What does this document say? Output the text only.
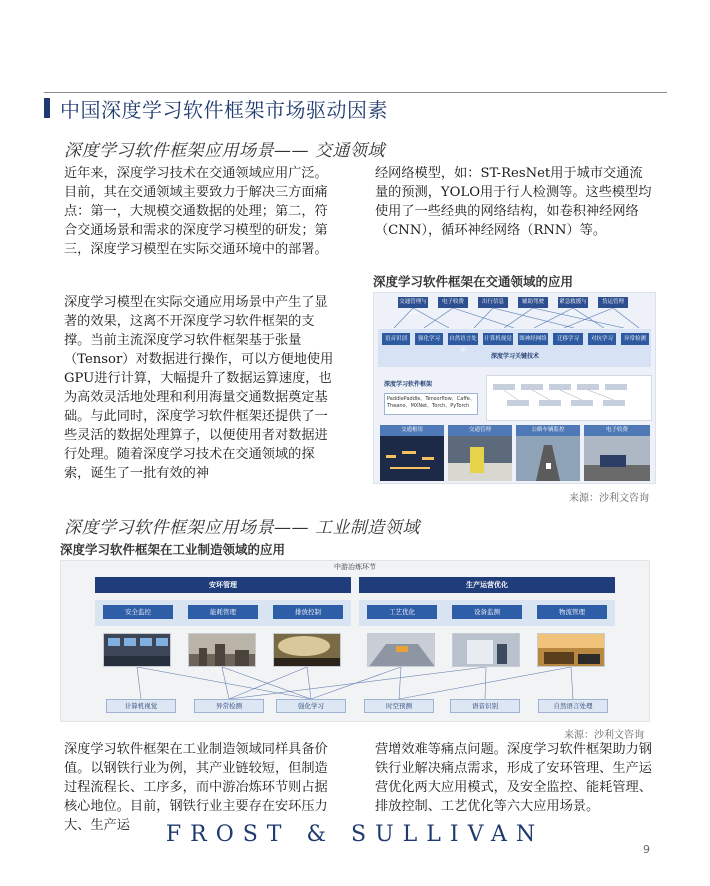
中国深度学习软件框架市场驱动因素
深度学习软件框架应用场景—— 交通领域
近年来，深度学习技术在交通领域应用广泛。目前，其在交通领域主要致力于解决三方面痛点：第一，大规模交通数据的处理；第二，符合交通场景和需求的深度学习模型的研发；第三，深度学习模型在实际交通环境中的部署。
深度学习模型在实际交通应用场景中产生了显著的效果，这离不开深度学习软件框架的支撑。当前主流深度学习软件框架基于张量（Tensor）对数据进行操作，可以方便地使用GPU进行计算，大幅提升了数据运算速度，也为高效灵活地处理和利用海量交通数据奠定基础。与此同时，深度学习软件框架还提供了一些灵活的数据处理算子，以便使用者对数据进行处理。随着深度学习技术在交通领域的探索，诞生了一批有效的神
经网络模型，如：ST-ResNet用于城市交通流量的预测，YOLO用于行人检测等。这些模型均使用了一些经典的网络结构，如卷积神经网络（CNN），循环神经网络（RNN）等。
深度学习软件框架在交通领域的应用
交通管理与规划
电子收费	出行信息	辅助驾驶	紧急救援与安全
货运管理
语音识别	强化学习	自然语言处理
计算机视觉 图神经网络	迁移学习	对抗学习	异常检测
深度学习关键技术
深度学习软件框架
PaddlePaddle、Tensorflow、Caffe、Theano、MXNet、Torch、PyTorch
交通枢纽	交通管理	公路车辆监控	电子收费
来源：沙利文咨询
深度学习软件框架应用场景—— 工业制造领域
深度学习软件框架在工业制造领域的应用
中游冶炼环节
安环管理	生产运营优化
安全监控	能耗管理	排放控制	工艺优化	设备监测	物流管理
计算机视觉	异常检测	强化学习	时空预测	语音识别	自然语言处理
来源：沙利文咨询
深度学习软件框架在工业制造领域同样具备价值。以钢铁行业为例，其产业链较短，但制造过程流程长、工序多，而中游冶炼环节则占据核心地位。目前，钢铁行业主要存在安环压力大、生产运
营增效难等痛点问题。深度学习软件框架助力钢铁行业解决痛点需求，形成了安环管理、生产运营优化两大应用模式，及安全监控、能耗管理、排放控制、工艺优化等六大应用场景。
FROST & SULLIVAN
9
